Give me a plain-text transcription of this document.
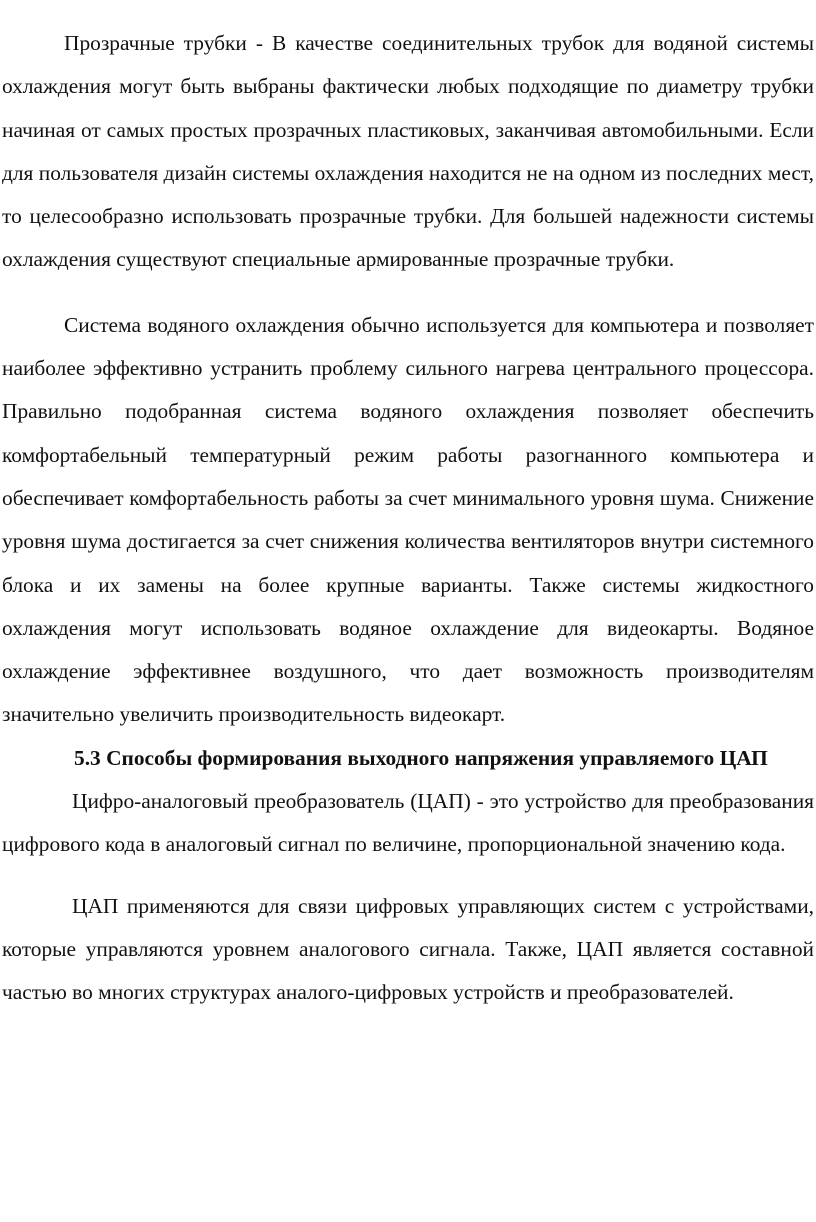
Прозрачные трубки - В качестве соединительных трубок для водяной системы охлаждения могут быть выбраны фактически любых подходящие по диаметру трубки начиная от самых простых прозрачных пластиковых, заканчивая автомобильными. Если для пользователя дизайн системы охлаждения находится не на одном из последних мест, то целесообразно использовать прозрачные трубки. Для большей надежности системы охлаждения существуют специальные армированные прозрачные трубки.

Система водяного охлаждения обычно используется для компьютера и позволяет наиболее эффективно устранить проблему сильного нагрева центрального процессора. Правильно подобранная система водяного охлаждения позволяет обеспечить комфортабельный температурный режим работы разогнанного компьютера и обеспечивает комфортабельность работы за счет минимального уровня шума. Снижение уровня шума достигается за счет снижения количества вентиляторов внутри системного блока и их замены на более крупные варианты. Также системы жидкостного охлаждения могут использовать водяное охлаждение для видеокарты. Водяное охлаждение эффективнее воздушного, что дает возможность производителям значительно увеличить производительность видеокарт.

5.3 Способы формирования выходного напряжения управляемого ЦАП

Цифро-аналоговый преобразователь (ЦАП) - это устройство для преобразования цифрового кода в аналоговый сигнал по величине, пропорциональной значению кода.

ЦАП применяются для связи цифровых управляющих систем с устройствами, которые управляются уровнем аналогового сигнала. Также, ЦАП является составной частью во многих структурах аналого-цифровых устройств и преобразователей.
